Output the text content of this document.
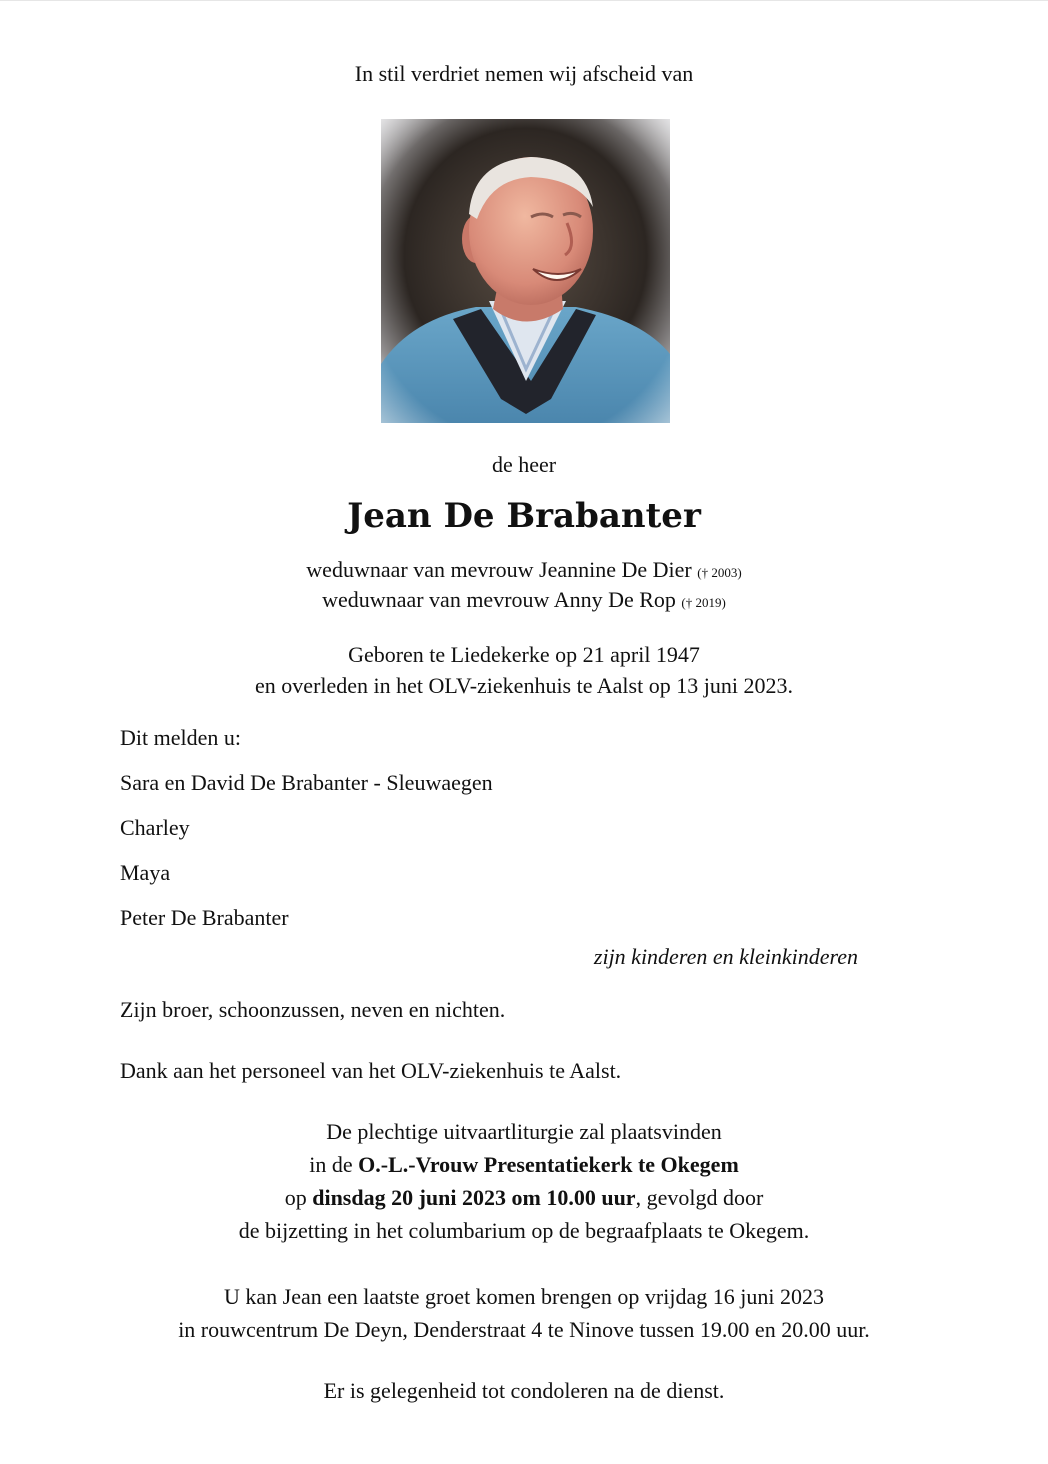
In stil verdriet nemen wij afscheid van
de heer
Jean De Brabanter
weduwnaar van mevrouw Jeannine De Dier († 2003)
weduwnaar van mevrouw Anny De Rop († 2019)
Geboren te Liedekerke op 21 april 1947
en overleden in het OLV-ziekenhuis te Aalst op 13 juni 2023.
Dit melden u:
Sara en David De Brabanter - Sleuwaegen
Charley
Maya
Peter De Brabanter
zijn kinderen en kleinkinderen
Zijn broer, schoonzussen, neven en nichten.
Dank aan het personeel van het OLV-ziekenhuis te Aalst.
De plechtige uitvaartliturgie zal plaatsvinden
in de O.-L.-Vrouw Presentatiekerk te Okegem
op dinsdag 20 juni 2023 om 10.00 uur, gevolgd door
de bijzetting in het columbarium op de begraafplaats te Okegem.
U kan Jean een laatste groet komen brengen op vrijdag 16 juni 2023
in rouwcentrum De Deyn, Denderstraat 4 te Ninove tussen 19.00 en 20.00 uur.
Er is gelegenheid tot condoleren na de dienst.
